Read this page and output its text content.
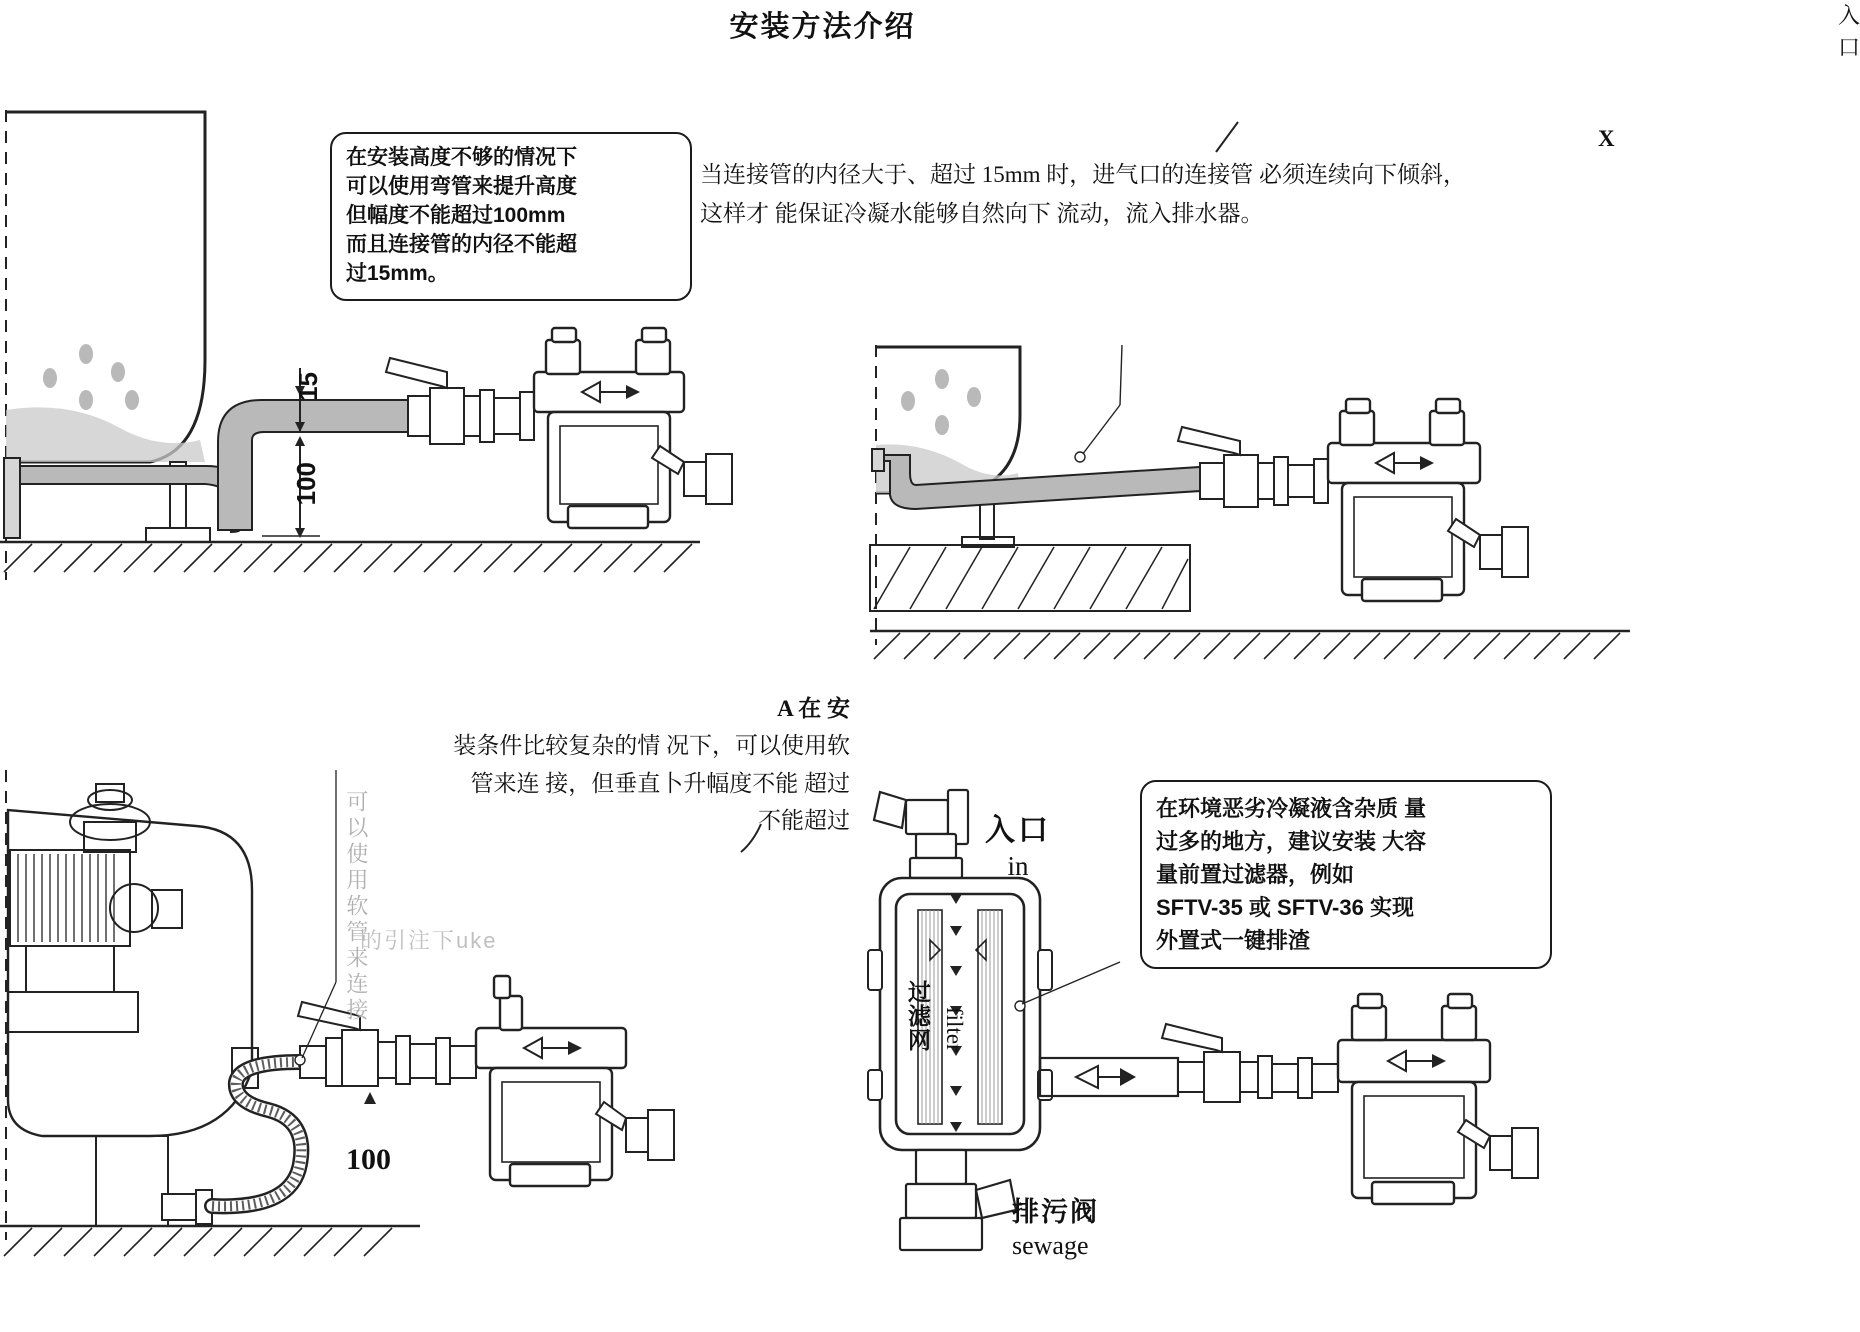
安装方法介绍
在安装高度不够的情况下
可以使用弯管来提升高度
但幅度不能超过100mm
而且连接管的内径不能超
过15mm。
15
100
当连接管的内径大于、超过 15mm 时，进气口的连接管 必须连续向下倾斜，
这样才 能保证冷凝水能够自然向下 流动，流入排水器。
X
A 在 安
装条件比较复杂的情 况下，可以使用软
管来连 接，但垂直卜升幅度不能 超过
不能超过
可以使用软管来连接
的引注下uke
100
入口
入口
in
过滤网 filter
排污阀
sewage
在环境恶劣冷凝液含杂质 量
过多的地方，建议安装 大容
量前置过滤器，例如
SFTV-35 或 SFTV-36 实现
外置式一键排渣
